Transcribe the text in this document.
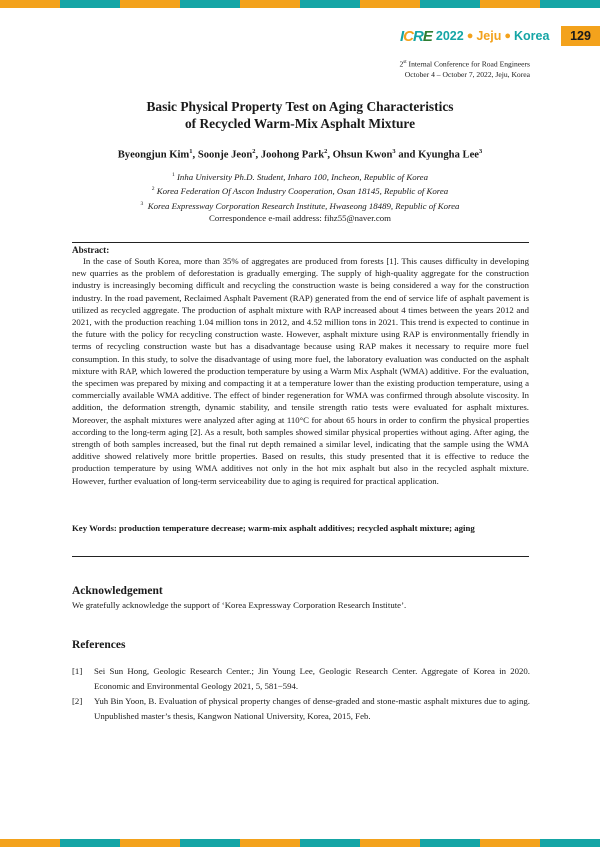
I C R E 2022 ● Jeju ● Korea	129
2st Internal Conference for Road Engineers
October 4 – October 7, 2022, Jeju, Korea
Basic Physical Property Test on Aging Characteristics
of Recycled Warm-Mix Asphalt Mixture
Byeongjun Kim$^1$, Soonje Jeon$^2$, Joohong Park$^2$, Ohsun Kwon$^3$ and Kyungha Lee$^3$
$^1$ Inha University Ph.D. Student, Inharo 100, Incheon, Republic of Korea
$^2$ Korea Federation Of Ascon Industry Cooperation, Osan 18145, Republic of Korea
$^3$ Korea Expressway Corporation Research Institute, Hwaseong 18489, Republic of Korea
Correspondence e-mail address: fihz55@naver.com
Abstract:

In the case of South Korea, more than 35% of aggregates are produced from forests [1]. This causes difficulty in developing new quarries as the problem of deforestation is gradually emerging. The supply of high-quality aggregate for the construction industry is increasingly becoming difficult and recycling the construction waste is being considered a way for the construction industry. In the road pavement, Reclaimed Asphalt Pavement (RAP) generated from the end of service life of asphalt pavement is utilized as recycled aggregate. The production of asphalt mixture with RAP increased about 4 times between the years 2012 and 2021, with the production reaching 1.04 million tons in 2012, and 4.52 million tons in 2021. This trend is expected to continue in the future with the policy for recycling construction waste. However, asphalt mixture using RAP is environmentally friendly in terms of recycling construction waste but has a disadvantage because using RAP makes it necessary to require more fuel consumption. In this study, to solve the disadvantage of using more fuel, the laboratory evaluation was conducted on the asphalt mixture with RAP, which lowered the production temperature by using a Warm Mix Asphalt (WMA) additive. For the evaluation, the specimen was prepared by mixing and compacting it at a temperature lower than the existing production temperature, using a commercially available WMA additive. The effect of binder regeneration for WMA was confirmed through absolute viscosity. In addition, the deformation strength, dynamic stability, and tensile strength ratio tests were evaluated for asphalt mixtures. Moreover, the asphalt mixtures were analyzed after aging at 110°C for about 65 hours in order to confirm the physical properties according to the long-term aging [2]. As a result, both samples showed similar physical properties without aging. After aging, the strength of both samples increased, but the final rut depth remained a similar level, indicating that the sample using the WMA additive showed relatively more brittle properties. Based on results, this study presented that it is effective to reduce the production temperature by using WMA additives not only in the hot mix asphalt but also in the recycled asphalt mixture. However, further evaluation of long-term serviceability due to aging is required for practical application.

Key Words: production temperature decrease; warm-mix asphalt additives; recycled asphalt mixture; aging
Acknowledgement
We gratefully acknowledge the support of ‘Korea Expressway Corporation Research Institute’.
References
[1] Sei Sun Hong, Geologic Research Center.; Jin Young Lee, Geologic Research Center. Aggregate of Korea in 2020. Economic and Environmental Geology 2021, 5, 581−594.
[2] Yuh Bin Yoon, B. Evaluation of physical property changes of dense-graded and stone-mastic asphalt mixtures due to aging. Unpublished master’s thesis, Kangwon National University, Korea, 2015, Feb.
